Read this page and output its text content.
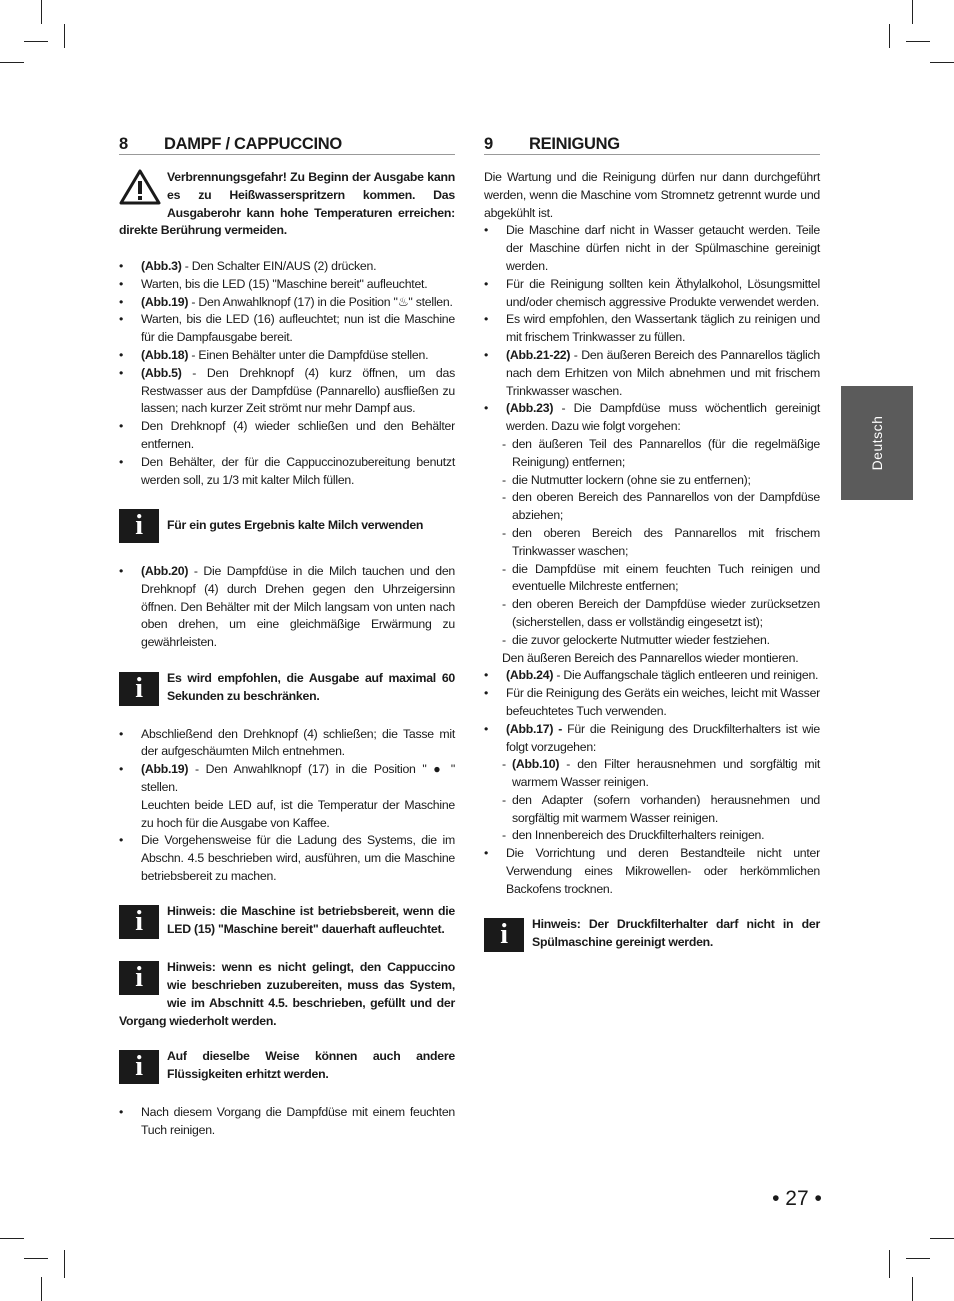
8	DAMPF / CAPPUCCINO
Verbrennungsgefahr! Zu Beginn der Ausgabe kann es zu Heißwasserspritzern kommen. Das Ausgaberohr kann hohe Temperaturen erreichen: direkte Berührung vermeiden.
• (Abb.3) - Den Schalter EIN/AUS (2) drücken.
• Warten, bis die LED (15) "Maschine bereit" aufleuchtet.
• (Abb.19) - Den Anwahlknopf (17) in die Position "♨" stellen.
• Warten, bis die LED (16) aufleuchtet; nun ist die Maschine für die Dampfausgabe bereit.
• (Abb.18) - Einen Behälter unter die Dampfdüse stellen.
• (Abb.5) - Den Drehknopf (4) kurz öffnen, um das Restwasser aus der Dampfdüse (Pannarello) ausfließen zu lassen; nach kurzer Zeit strömt nur mehr Dampf aus.
• Den Drehknopf (4) wieder schließen und den Behälter entfernen.
• Den Behälter, der für die Cappuccinozubereitung benutzt werden soll, zu 1/3 mit kalter Milch füllen.
i	Für ein gutes Ergebnis kalte Milch verwenden
• (Abb.20) - Die Dampfdüse in die Milch tauchen und den Drehknopf (4) durch Drehen gegen den Uhrzeigersinn öffnen. Den Behälter mit der Milch langsam von unten nach oben drehen, um eine gleichmäßige Erwärmung zu gewährleisten.
i	Es wird empfohlen, die Ausgabe auf maximal 60 Sekunden zu beschränken.
• Abschließend den Drehknopf (4) schließen; die Tasse mit der aufgeschäumten Milch entnehmen.
• (Abb.19) - Den Anwahlknopf (17) in die Position " ● " stellen.
Leuchten beide LED auf, ist die Temperatur der Maschine zu hoch für die Ausgabe von Kaffee.
• Die Vorgehensweise für die Ladung des Systems, die im Abschn. 4.5 beschrieben wird, ausführen, um die Maschine betriebsbereit zu machen.
i	Hinweis: die Maschine ist betriebsbereit, wenn die LED (15) "Maschine bereit" dauerhaft aufleuchtet.
i	Hinweis: wenn es nicht gelingt, den Cappuccino wie beschrieben zuzubereiten, muss das System, wie im Abschnitt 4.5. beschrieben, gefüllt und der Vorgang wiederholt werden.
i	Auf dieselbe Weise können auch andere Flüssigkeiten erhitzt werden.
• Nach diesem Vorgang die Dampfdüse mit einem feuchten Tuch reinigen.
9	REINIGUNG

Die Wartung und die Reinigung dürfen nur dann durchgeführt werden, wenn die Maschine vom Stromnetz getrennt wurde und abgekühlt ist.

• Die Maschine darf nicht in Wasser getaucht werden. Teile der Maschine dürfen nicht in der Spülmaschine gereinigt werden.
• Für die Reinigung sollten kein Äthylalkohol, Lösungsmittel und/oder chemisch aggressive Produkte verwendet werden.
• Es wird empfohlen, den Wassertank täglich zu reinigen und mit frischem Trinkwasser zu füllen.
• (Abb.21-22) - Den äußeren Bereich des Pannarellos täglich nach dem Erhitzen von Milch abnehmen und mit frischem Trinkwasser waschen.
• (Abb.23) - Die Dampfdüse muss wöchentlich gereinigt werden. Dazu wie folgt vorgehen:
- den äußeren Teil des Pannarellos (für die regelmäßige Reinigung) entfernen;
- die Nutmutter lockern (ohne sie zu entfernen);
- den oberen Bereich des Pannarellos von der Dampfdüse abziehen;
- den oberen Bereich des Pannarellos mit frischem Trinkwasser waschen;
- die Dampfdüse mit einem feuchten Tuch reinigen und eventuelle Milchreste entfernen;
- den oberen Bereich der Dampfdüse wieder zurücksetzen (sicherstellen, dass er vollständig eingesetzt ist);
- die zuvor gelockerte Nutmutter wieder festziehen.
Den äußeren Bereich des Pannarellos wieder montieren.
• (Abb.24) - Die Auffangschale täglich entleeren und reinigen.
• Für die Reinigung des Geräts ein weiches, leicht mit Wasser befeuchtetes Tuch verwenden.
• (Abb.17) - Für die Reinigung des Druckfilterhalters ist wie folgt vorzugehen:
- (Abb.10) - den Filter herausnehmen und sorgfältig mit warmem Wasser reinigen.
- den Adapter (sofern vorhanden) herausnehmen und sorgfältig mit warmem Wasser reinigen.
- den Innenbereich des Druckfilterhalters reinigen.
• Die Vorrichtung und deren Bestandteile nicht unter Verwendung eines Mikrowellen- oder herkömmlichen Backofens trocknen.
i	Hinweis: Der Druckfilterhalter darf nicht in der Spülmaschine gereinigt werden.
Deutsch
• 27 •
